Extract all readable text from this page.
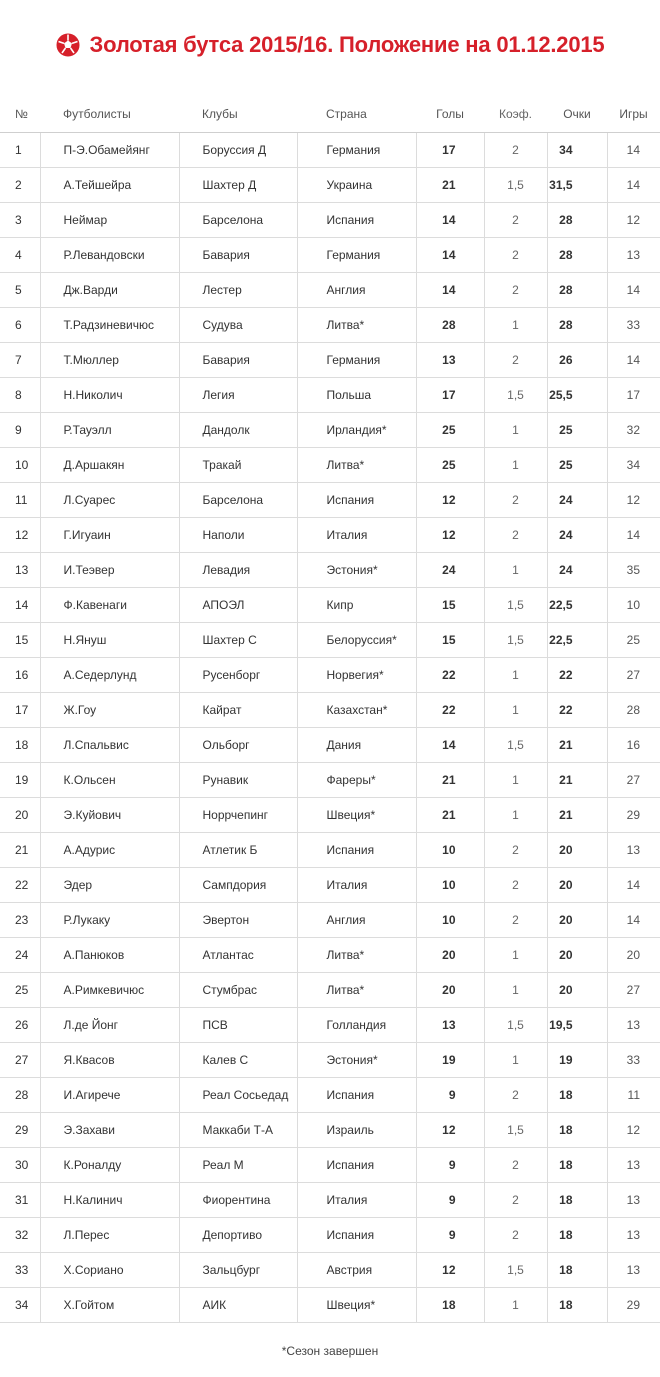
Золотая бутса 2015/16. Положение на 01.12.2015
№	Футболисты	Клубы	Страна	Голы	Коэф.	Очки	Игры
1	П-Э.Обамейянг	Боруссия Д	Германия	17	2	34	14
2	А.Тейшейра	Шахтер Д	Украина	21	1,5	31,5	14
3	Неймар	Барселона	Испания	14	2	28	12
4	Р.Левандовски	Бавария	Германия	14	2	28	13
5	Дж.Варди	Лестер	Англия	14	2	28	14
6	Т.Радзиневичюс	Судува	Литва*	28	1	28	33
7	Т.Мюллер	Бавария	Германия	13	2	26	14
8	Н.Николич	Легия	Польша	17	1,5	25,5	17
9	Р.Тауэлл	Дандолк	Ирландия*	25	1	25	32
10	Д.Аршакян	Тракай	Литва*	25	1	25	34
11	Л.Суарес	Барселона	Испания	12	2	24	12
12	Г.Игуаин	Наполи	Италия	12	2	24	14
13	И.Теэвер	Левадия	Эстония*	24	1	24	35
14	Ф.Кавенаги	АПОЭЛ	Кипр	15	1,5	22,5	10
15	Н.Януш	Шахтер С	Белоруссия*	15	1,5	22,5	25
16	А.Седерлунд	Русенборг	Норвегия*	22	1	22	27
17	Ж.Гоу	Кайрат	Казахстан*	22	1	22	28
18	Л.Спальвис	Ольборг	Дания	14	1,5	21	16
19	К.Ольсен	Рунавик	Фареры*	21	1	21	27
20	Э.Куйович	Норрчепинг	Швеция*	21	1	21	29
21	А.Адурис	Атлетик Б	Испания	10	2	20	13
22	Эдер	Сампдория	Италия	10	2	20	14
23	Р.Лукаку	Эвертон	Англия	10	2	20	14
24	А.Панюков	Атлантас	Литва*	20	1	20	20
25	А.Римкевичюс	Стумбрас	Литва*	20	1	20	27
26	Л.де Йонг	ПСВ	Голландия	13	1,5	19,5	13
27	Я.Квасов	Калев С	Эстония*	19	1	19	33
28	И.Агирече	Реал Сосьедад	Испания	9	2	18	11
29	Э.Захави	Маккаби Т-А	Израиль	12	1,5	18	12
30	К.Роналду	Реал М	Испания	9	2	18	13
31	Н.Калинич	Фиорентина	Италия	9	2	18	13
32	Л.Перес	Депортиво	Испания	9	2	18	13
33	Х.Сориано	Зальцбург	Австрия	12	1,5	18	13
34	Х.Гойтом	АИК	Швеция*	18	1	18	29
*Сезон завершен
